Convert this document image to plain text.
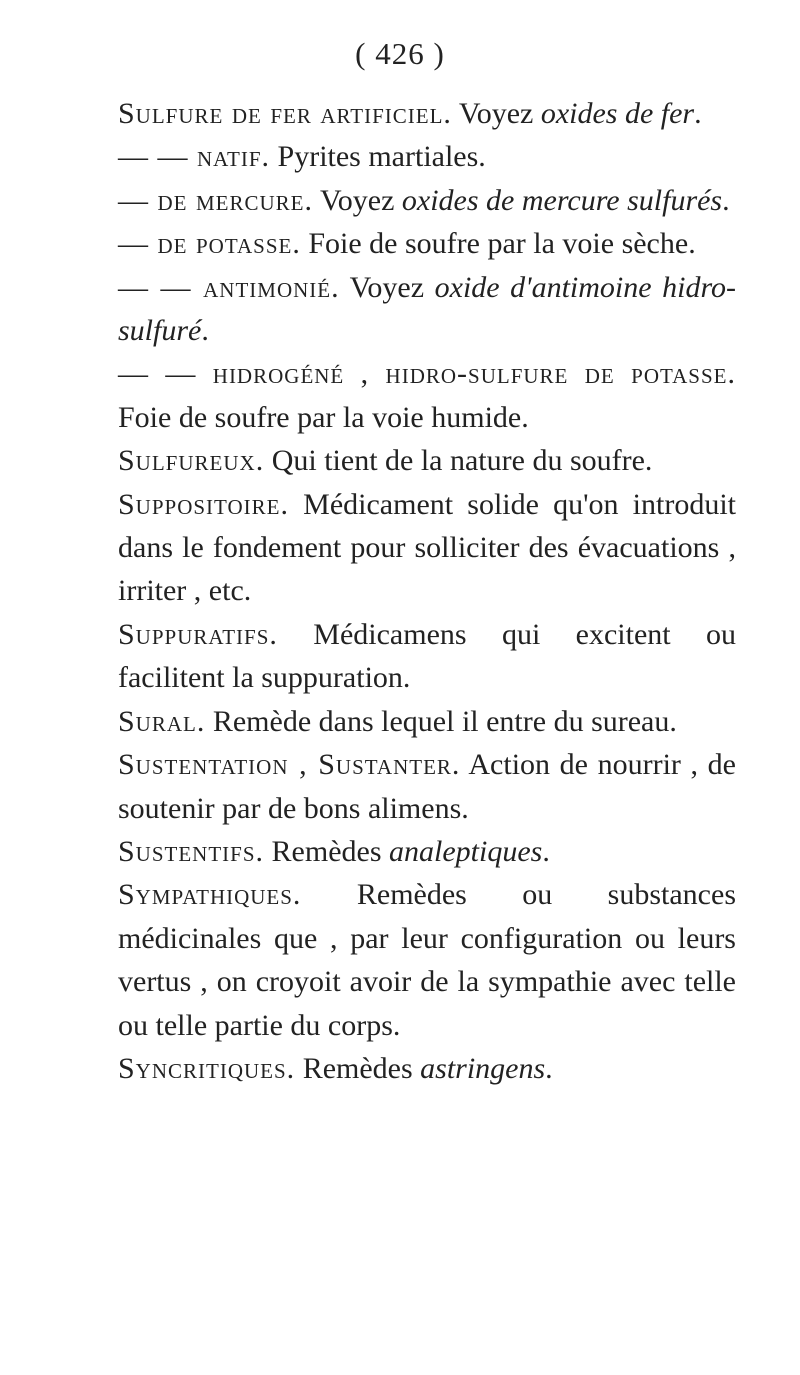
( 426 )

Sulfure de fer artificiel. Voyez oxides de fer.

— — natif. Pyrites martiales.

— de mercure. Voyez oxides de mercure sulfurés.

— de potasse. Foie de soufre par la voie sèche.

— — antimonié. Voyez oxide d'antimoine hidro-sulfuré.

— — hidrogéné , hidro-sulfure de potasse. Foie de soufre par la voie humide.

Sulfureux. Qui tient de la nature du soufre.

Suppositoire. Médicament solide qu'on introduit dans le fondement pour solliciter des évacuations , irriter , etc.

Suppuratifs. Médicamens qui excitent ou facilitent la suppuration.

Sural. Remède dans lequel il entre du sureau.

Sustentation , Sustanter. Action de nourrir , de soutenir par de bons alimens.

Sustentifs. Remèdes analeptiques.

Sympathiques. Remèdes ou substances médicinales que , par leur configuration ou leurs vertus , on croyoit avoir de la sympathie avec telle ou telle partie du corps.

Syncritiques. Remèdes astringens.
